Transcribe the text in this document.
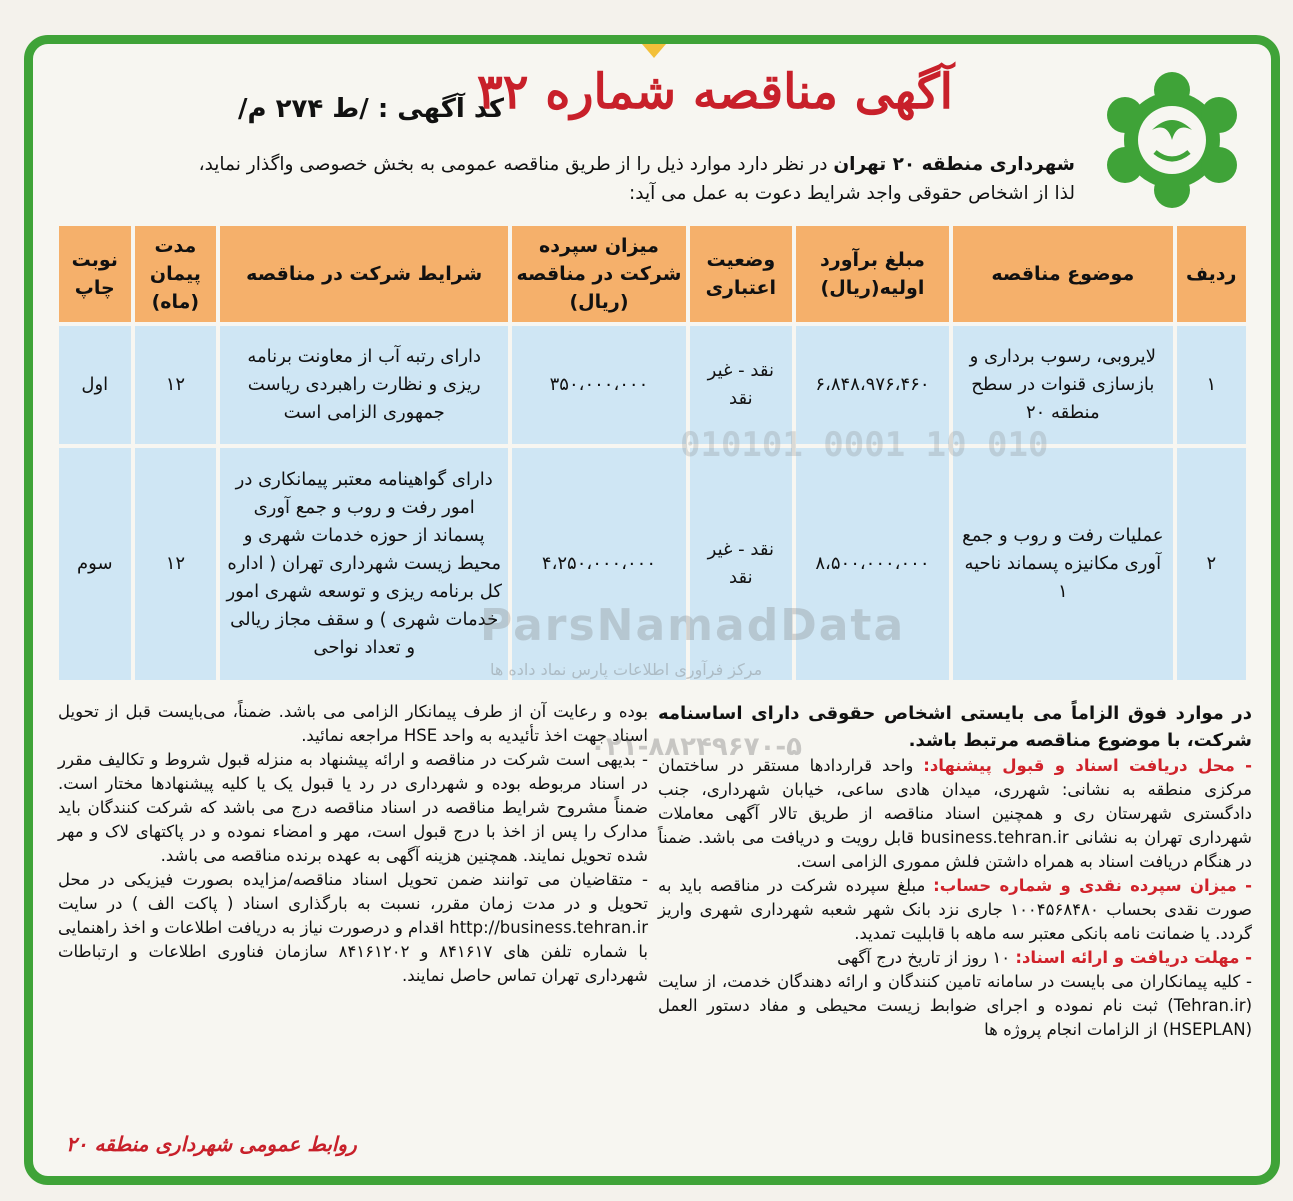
آگهی مناقصه شماره ۳۲
کد آگهی : /ط ۲۷۴ م/
شهرداری منطقه ۲۰ تهران در نظر دارد موارد ذیل را از طریق مناقصه عمومی به بخش خصوصی واگذار نماید،
لذا از اشخاص حقوقی واجد شرایط دعوت به عمل می آید:
ردیف	موضوع مناقصه	مبلغ برآورد اولیه(ریال)	وضعیت اعتباری	میزان سپرده شرکت در مناقصه (ریال)	شرایط شرکت در مناقصه	مدت پیمان (ماه)	نوبت چاپ
۱	لایروبی، رسوب برداری و بازسازی قنوات در سطح منطقه ۲۰	۶،۸۴۸،۹۷۶،۴۶۰	نقد - غیر نقد	۳۵۰،۰۰۰،۰۰۰	دارای رتبه آب از معاونت برنامه ریزی و نظارت راهبردی ریاست جمهوری الزامی است	۱۲	اول
۲	عملیات رفت و روب و جمع آوری مکانیزه پسماند ناحیه ۱	۸،۵۰۰،۰۰۰،۰۰۰	نقد - غیر نقد	۴،۲۵۰،۰۰۰،۰۰۰	دارای گواهینامه معتبر پیمانکاری در امور رفت و روب و جمع آوری پسماند از حوزه خدمات شهری و محیط زیست شهرداری تهران ( اداره کل برنامه ریزی و توسعه شهری امور خدمات شهری ) و سقف مجاز ریالی و تعداد نواحی	۱۲	سوم
010101 0001 10 010
ParsNamadData

در موارد فوق الزاماً می بایستی اشخاص حقوقی دارای اساسنامه شرکت، با موضوع مناقصه مرتبط باشد.

- محل دریافت اسناد و قبول پیشنهاد: واحد قراردادها مستقر در ساختمان مرکزی منطقه به نشانی: شهرری، میدان هادی ساعی، خیابان شهرداری، جنب دادگستری شهرستان ری و همچنین اسناد مناقصه از طریق تالار آگهی معاملات شهرداری تهران به نشانی business.tehran.ir قابل رویت و دریافت می باشد. ضمناً در هنگام دریافت اسناد به همراه داشتن فلش مموری الزامی است.

- میزان سپرده نقدی و شماره حساب: مبلغ سپرده شرکت در مناقصه باید به صورت نقدی بحساب ۱۰۰۴۵۶۸۴۸۰ جاری نزد بانک شهر شعبه شهرداری شهری واریز گردد. یا ضمانت نامه بانکی معتبر سه ماهه با قابلیت تمدید.

- مهلت دریافت و ارائه اسناد: ۱۰ روز از تاریخ درج آگهی

- کلیه پیمانکاران می بایست در سامانه تامین کنندگان و ارائه دهندگان خدمت، از سایت (Tehran.ir) ثبت نام نموده و اجرای ضوابط زیست محیطی و مفاد دستور العمل (HSEPLAN) از الزامات انجام پروژه ها

بوده و رعایت آن از طرف پیمانکار الزامی می باشد. ضمناً، می‌بایست قبل از تحویل اسناد جهت اخذ تأئیدیه به واحد HSE مراجعه نمائید.

- بدیهی است شرکت در مناقصه و ارائه پیشنهاد به منزله قبول شروط و تکالیف مقرر در اسناد مربوطه بوده و شهرداری در رد یا قبول یک یا کلیه پیشنهادها مختار است. ضمناً مشروح شرایط مناقصه در اسناد مناقصه درج می باشد که شرکت کنندگان باید مدارک را پس از اخذ با درج قبول است، مهر و امضاء نموده و در پاکتهای لاک و مهر شده تحویل نمایند. همچنین هزینه آگهی به عهده برنده مناقصه می باشد.

- متقاضیان می توانند ضمن تحویل اسناد مناقصه/مزایده بصورت فیزیکی در محل تحویل و در مدت زمان مقرر، نسبت به بارگذاری اسناد ( پاکت الف ) در سایت http://business.tehran.ir اقدام و درصورت نیاز به دریافت اطلاعات و اخذ راهنمایی با شماره تلفن های ۸۴۱۶۱۷ و ۸۴۱۶۱۲۰۲ سازمان فناوری اطلاعات و ارتباطات شهرداری تهران تماس حاصل نمایند.

روابط عمومی شهرداری منطقه ۲۰
مرکز فرآوری اطلاعات پارس نماد داده ها
۰۲۱-۸۸۲۴۹۶۷۰-۵
